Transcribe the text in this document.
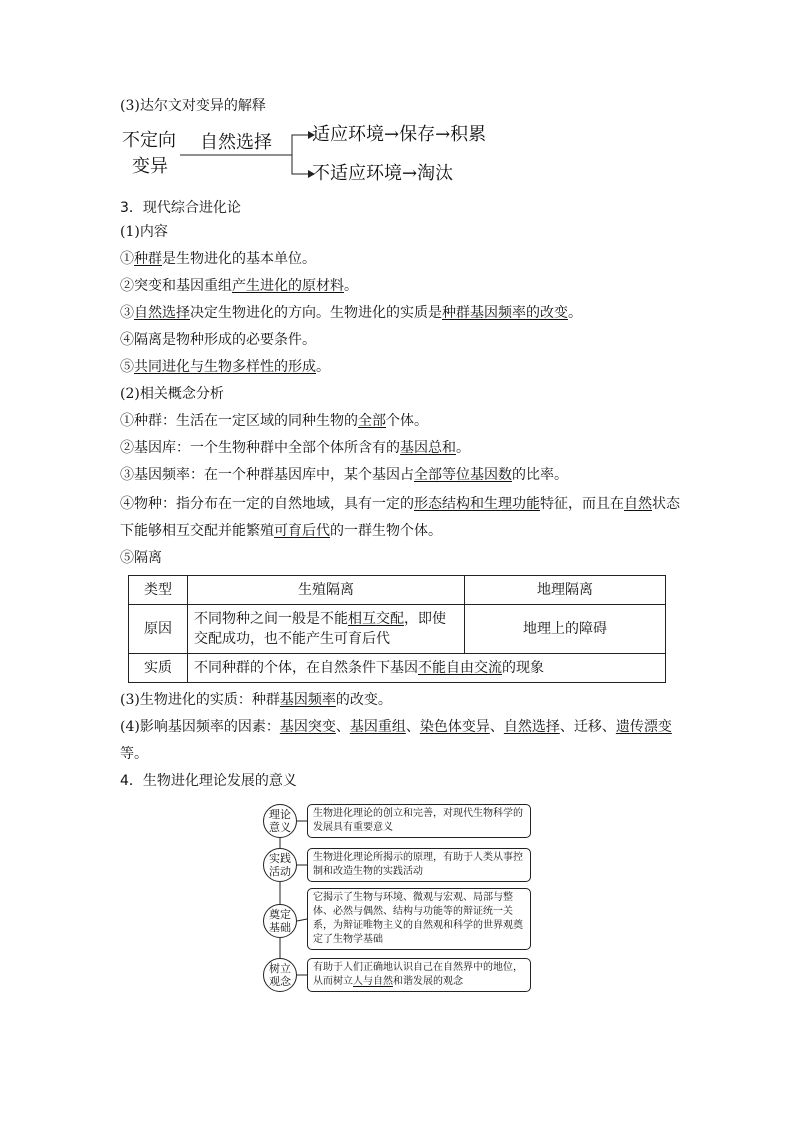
(3)达尔文对变异的解释
不定向
变异
自然选择 适应环境→保存→积累
不适应环境→淘汰
3．现代综合进化论
(1)内容
①种群是生物进化的基本单位。
②突变和基因重组产生进化的原材料。
③自然选择决定生物进化的方向。生物进化的实质是种群基因频率的改变。
④隔离是物种形成的必要条件。
⑤共同进化与生物多样性的形成。
(2)相关概念分析
①种群：生活在一定区域的同种生物的全部个体。
②基因库：一个生物种群中全部个体所含有的基因总和。
③基因频率：在一个种群基因库中，某个基因占全部等位基因数的比率。
④物种：指分布在一定的自然地域，具有一定的形态结构和生理功能特征，而且在自然状态
下能够相互交配并能繁殖可育后代的一群生物个体。
⑤隔离
类型	生殖隔离	地理隔离
原因	不同物种之间一般是不能相互交配，即使交配成功，也不能产生可育后代	地理上的障碍
实质	不同种群的个体，在自然条件下基因不能自由交流的现象	
(3)生物进化的实质：种群基因频率的改变。
(4)影响基因频率的因素：基因突变、基因重组、染色体变异、自然选择、迁移、遗传漂变
等。
4．生物进化理论发展的意义
理论
意义
生物进化理论的创立和完善，对现代生物科学的发展具有重要意义
实践
活动
生物进化理论所揭示的原理，有助于人类从事控制和改造生物的实践活动
奠定
基础
它揭示了生物与环境、微观与宏观、局部与整体、必然与偶然、结构与功能等的辩证统一关系，为辩证唯物主义的自然观和科学的世界观奠定了生物学基础
树立
观念
有助于人们正确地认识自己在自然界中的地位，从而树立人与自然和谐发展的观念
